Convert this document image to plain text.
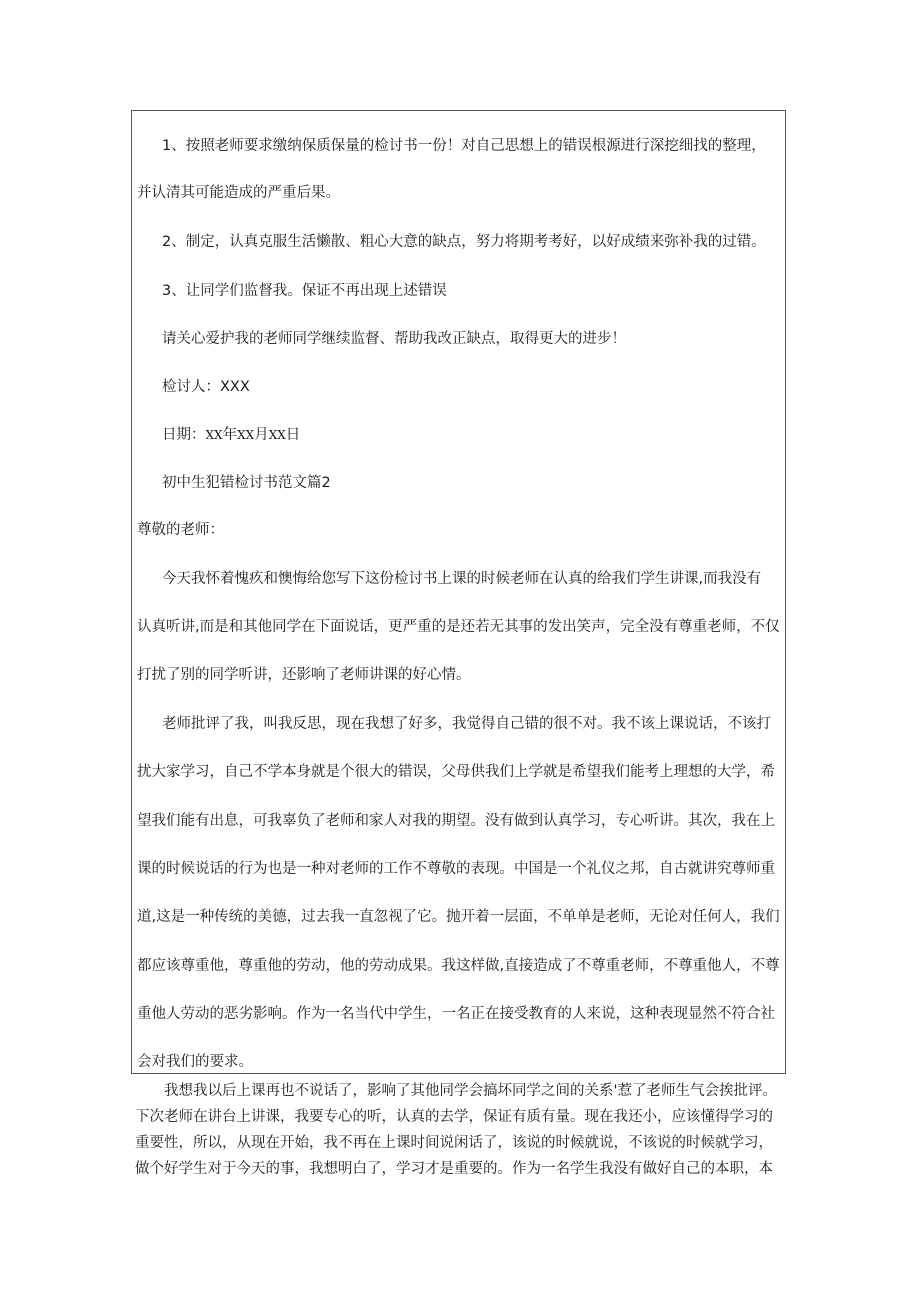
1、按照老师要求缴纳保质保量的检讨书一份！对自己思想上的错误根源进行深挖细找的整理，
并认清其可能造成的严重后果。
2、制定，认真克服生活懒散、粗心大意的缺点，努力将期考考好，以好成绩来弥补我的过错。
3、让同学们监督我。保证不再出现上述错误
请关心爱护我的老师同学继续监督、帮助我改正缺点，取得更大的进步！
检讨人：XXX
日期：XX年XX月XX日
初中生犯错检讨书范文篇2
尊敬的老师：
今天我怀着愧疚和懊悔给您写下这份检讨书上课的时候老师在认真的给我们学生讲课,而我没有
认真听讲,而是和其他同学在下面说话，更严重的是还若无其事的发出笑声，完全没有尊重老师，不仅
打扰了别的同学听讲，还影响了老师讲课的好心情。
老师批评了我，叫我反思，现在我想了好多，我觉得自己错的很不对。我不该上课说话，不该打
扰大家学习，自己不学本身就是个很大的错误，父母供我们上学就是希望我们能考上理想的大学，希
望我们能有出息，可我辜负了老师和家人对我的期望。没有做到认真学习，专心听讲。其次，我在上
课的时候说话的行为也是一种对老师的工作不尊敬的表现。中国是一个礼仪之邦，自古就讲究尊师重
道,这是一种传统的美德，过去我一直忽视了它。抛开着一层面，不单单是老师，无论对任何人，我们
都应该尊重他，尊重他的劳动，他的劳动成果。我这样做,直接造成了不尊重老师，不尊重他人，不尊
重他人劳动的恶劣影响。作为一名当代中学生，一名正在接受教育的人来说，这种表现显然不符合社
会对我们的要求。
我想我以后上课再也不说话了，影响了其他同学会搞坏同学之间的关系'惹了老师生气会挨批评。
下次老师在讲台上讲课，我要专心的听，认真的去学，保证有质有量。现在我还小，应该懂得学习的
重要性，所以，从现在开始，我不再在上课时间说闲话了，该说的时候就说，不该说的时候就学习，
做个好学生对于今天的事，我想明白了，学习才是重要的。作为一名学生我没有做好自己的本职，本
